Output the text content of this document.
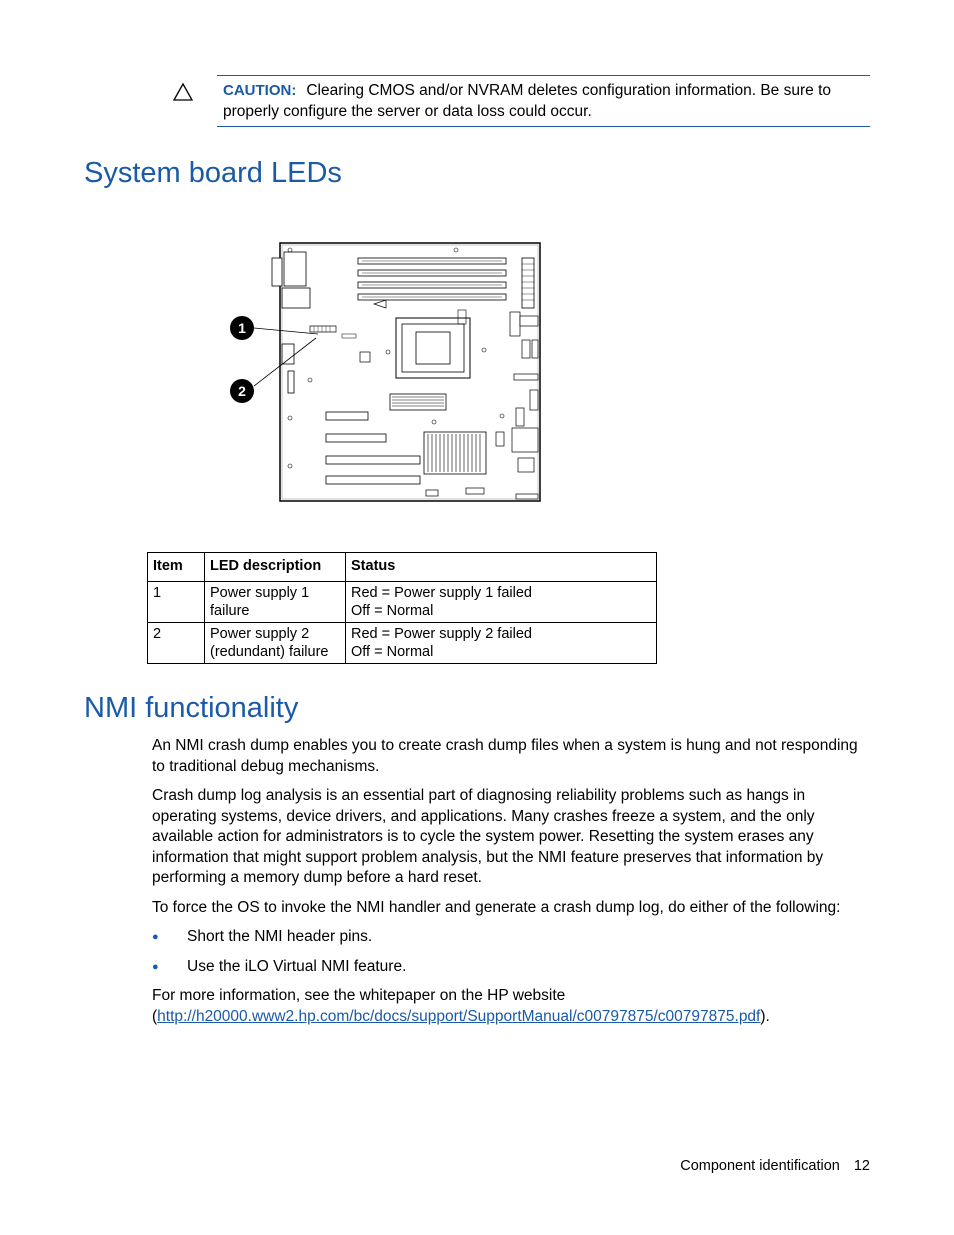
CAUTION: Clearing CMOS and/or NVRAM deletes configuration information. Be sure to properly configure the server or data loss could occur.
System board LEDs
1
2
Item	LED description	Status
1	Power supply 1 failure	Red = Power supply 1 failed
Off = Normal

2	Power supply 2 (redundant) failure	Red = Power supply 2 failed
Off = Normal
NMI functionality

An NMI crash dump enables you to create crash dump files when a system is hung and not responding to traditional debug mechanisms.

Crash dump log analysis is an essential part of diagnosing reliability problems such as hangs in operating systems, device drivers, and applications. Many crashes freeze a system, and the only available action for administrators is to cycle the system power. Resetting the system erases any information that might support problem analysis, but the NMI feature preserves that information by performing a memory dump before a hard reset.

To force the OS to invoke the NMI handler and generate a crash dump log, do either of the following:

●	Short the NMI header pins.
●	Use the iLO Virtual NMI feature.

For more information, see the whitepaper on the HP website
(http://h20000.www2.hp.com/bc/docs/support/SupportManual/c00797875/c00797875.pdf).

Component identification 12
